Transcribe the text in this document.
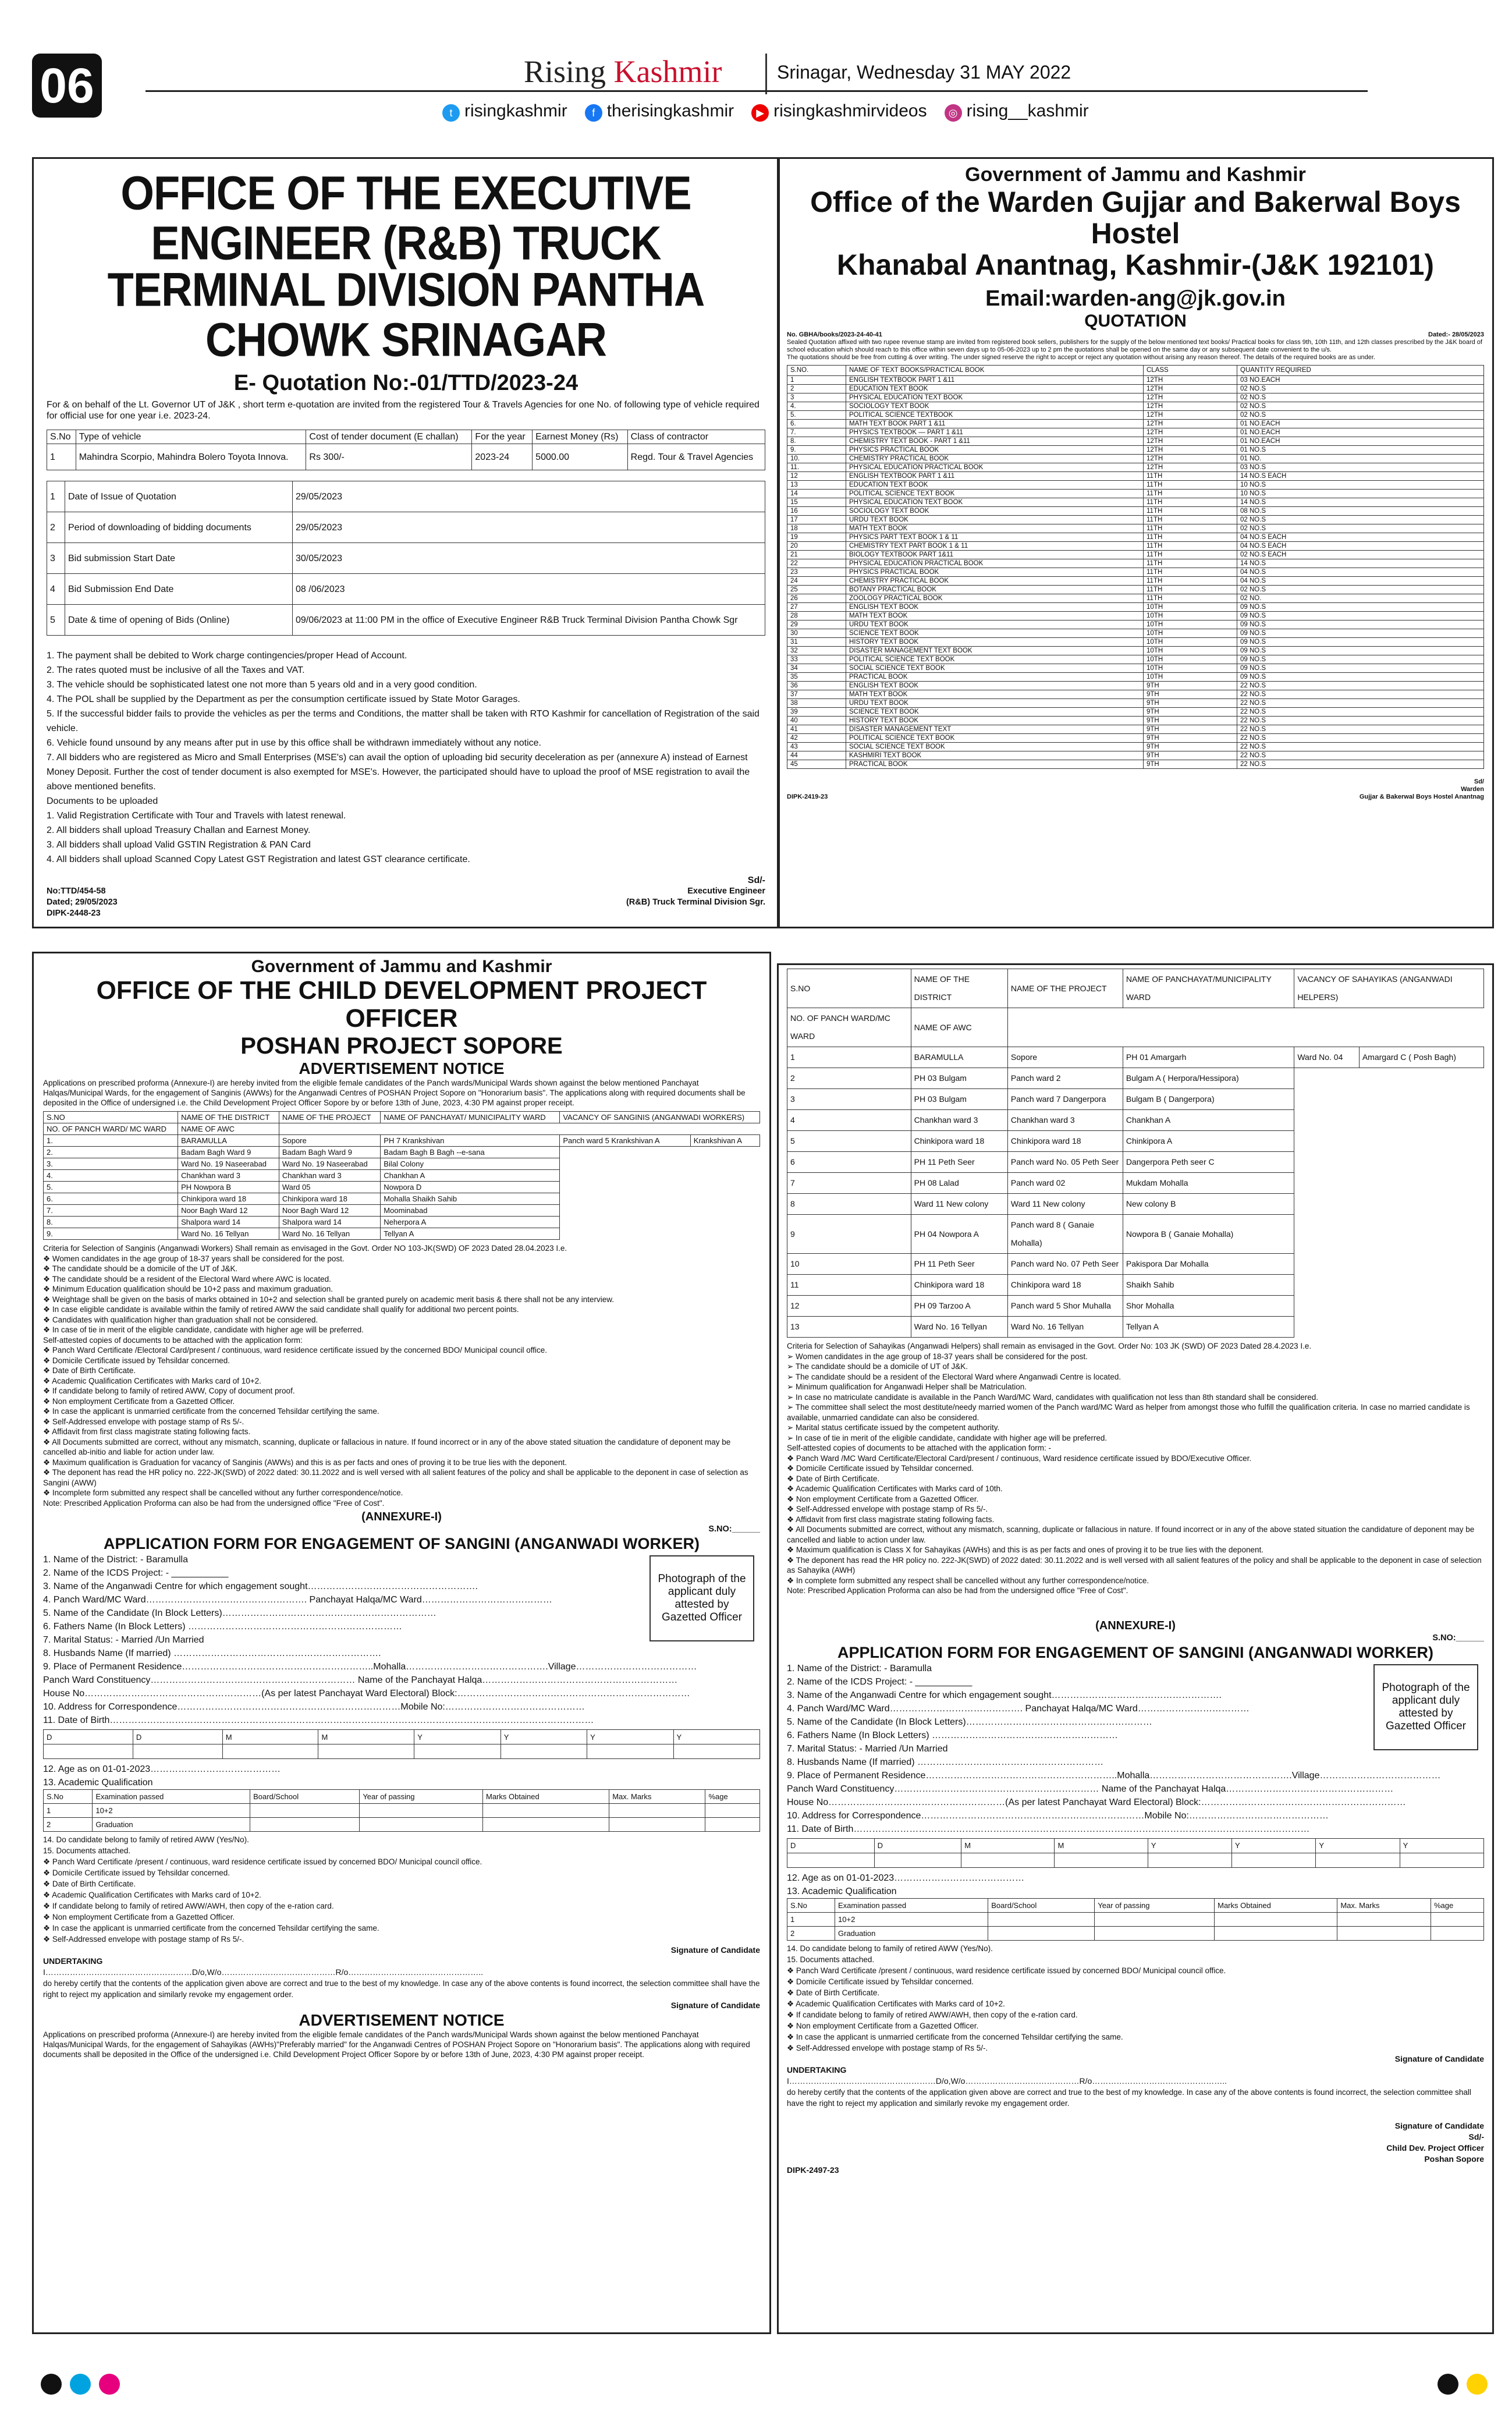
06	Rising Kashmir	Srinagar, Wednesday 31 MAY 2022
t risingkashmir	f therisingkashmir	▶ risingkashmirvideos	◎ rising__kashmir
OFFICE OF THE EXECUTIVE ENGINEER (R&B) TRUCK
TERMINAL DIVISION PANTHA CHOWK SRINAGAR
E- Quotation No:-01/TTD/2023-24
For & on behalf of the Lt. Governor UT of J&K , short term e-quotation are invited from the registered Tour & Travels Agencies for one No. of following type of vehicle required for official use for one year i.e. 2023-24.
S.No	Type of vehicle	Cost of tender document (E challan)	For the year	Earnest Money (Rs)	Class of contractor
1	Mahindra Scorpio, Mahindra Bolero Toyota Innova.	Rs 300/-	2023-24	5000.00	Regd. Tour & Travel Agencies
1	Date of Issue of Quotation	29/05/2023
2	Period of downloading of bidding documents	29/05/2023
3	Bid submission Start Date	30/05/2023
4	Bid Submission End Date	08 /06/2023
5	Date & time of opening of Bids (Online)	09/06/2023 at 11:00 PM in the office of Executive Engineer R&B Truck Terminal Division Pantha Chowk Sgr
1. The payment shall be debited to Work charge contingencies/proper Head of Account.
2. The rates quoted must be inclusive of all the Taxes and VAT.
3. The vehicle should be sophisticated latest one not more than 5 years old and in a very good condition.
4. The POL shall be supplied by the Department as per the consumption certificate issued by State Motor Garages.
5. If the successful bidder fails to provide the vehicles as per the terms and Conditions, the matter shall be taken with RTO Kashmir for cancellation of Registration of the said vehicle.
6. Vehicle found unsound by any means after put in use by this office shall be withdrawn immediately without any notice.
7. All bidders who are registered as Micro and Small Enterprises (MSE's) can avail the option of uploading bid security deceleration as per (annexure A) instead of Earnest Money Deposit. Further the cost of tender document is also exempted for MSE's. However, the participated should have to upload the proof of MSE registration to avail the above mentioned benefits.
Documents to be uploaded
1. Valid Registration Certificate with Tour and Travels with latest renewal.
2. All bidders shall upload Treasury Challan and Earnest Money.
3. All bidders shall upload Valid GSTIN Registration & PAN Card
4. All bidders shall upload Scanned Copy Latest GST Registration and latest GST clearance certificate.
Sd/-
No:TTD/454-58
Dated; 29/05/2023
DIPK-2448-23
Executive Engineer
(R&B) Truck Terminal Division Sgr.
Government of Jammu and Kashmir
Office of the Warden Gujjar and Bakerwal Boys Hostel
Khanabal Anantnag, Kashmir-(J&K 192101)
Email:warden-ang@jk.gov.in
QUOTATION
No. GBHA/books/2023-24-40-41	Dated:- 28/05/2023
Sealed Quotation affixed with two rupee revenue stamp are invited from registered book sellers, publishers for the supply of the below mentioned text books/ Practical books for class 9th, 10th 11th, and 12th classes prescribed by the J&K board of school education which should reach to this office within seven days up to 05-06-2023 up to 2 pm the quotations shall be opened on the same day or any subsequent date convenient to the u/s.
The quotations should be free from cutting & over writing. The under signed reserve the right to accept or reject any quotation without arising any reason thereof. The details of the required books are as under.
S.NO.	NAME OF TEXT BOOKS/PRACTICAL BOOK	CLASS	QUANTITY REQUIRED
1	ENGLISH TEXTBOOK PART 1 &11	12TH	03 NO.EACH
2	EDUCATION TEXT BOOK	12TH	02 NO.S
3	PHYSICAL EDUCATION TEXT BOOK	12TH	02 NO.S
4.	SOCIOLOGY TEXT BOOK	12TH	02 NO.S
5.	POLITICAL SCIENCE TEXTBOOK	12TH	02 NO.S
6.	MATH TEXT BOOK PART 1 &11	12TH	01 NO.EACH
7.	PHYSICS TEXTBOOK — PART 1 &11	12TH	01 NO.EACH
8.	CHEMISTRY TEXT BOOK - PART 1 &11	12TH	01 NO.EACH
9.	PHYSICS PRACTICAL BOOK	12TH	01 NO.S
10.	CHEMISTRY PRACTICAL BOOK	12TH	01 NO.
11.	PHYSICAL EDUCATION PRACTICAL BOOK	12TH	03 NO.S
12	ENGLISH TEXTBOOK PART 1 &11	11TH	14 NO.S EACH
13	EDUCATION TEXT BOOK	11TH	10 NO.S
14	POLITICAL SCIENCE TEXT BOOK	11TH	10 NO.S
15	PHYSICAL EDUCATION TEXT BOOK	11TH	14 NO.S
16	SOCIOLOGY TEXT BOOK	11TH	08 NO.S
17	URDU TEXT BOOK	11TH	02 NO.S
18	MATH TEXT BOOK	11TH	02 NO.S
19	PHYSICS PART TEXT BOOK 1 & 11	11TH	04 NO.S EACH
20	CHEMISTRY TEXT PART BOOK 1 & 11	11TH	04 NO.S EACH
21	BIOLOGY TEXTBOOK PART 1&11	11TH	02 NO.S EACH
22	PHYSICAL EDUCATION PRACTICAL BOOK	11TH	14 NO.S
23	PHYSICS PRACTICAL BOOK	11TH	04 NO.S
24	CHEMISTRY PRACTICAL BOOK	11TH	04 NO.S
25	BOTANY PRACTICAL BOOK	11TH	02 NO.S
26	ZOOLOGY PRACTICAL BOOK	11TH	02 NO.
27	ENGLISH TEXT BOOK	10TH	09 NO.S
28	MATH TEXT BOOK	10TH	09 NO.S
29	URDU TEXT BOOK	10TH	09 NO.S
30	SCIENCE TEXT BOOK	10TH	09 NO.S
31	HISTORY TEXT BOOK	10TH	09 NO.S
32	DISASTER MANAGEMENT TEXT BOOK	10TH	09 NO.S
33	POLITICAL SCIENCE TEXT BOOK	10TH	09 NO.S
34	SOCIAL SCIENCE TEXT BOOK	10TH	09 NO.S
35	PRACTICAL BOOK	10TH	09 NO.S
36	ENGLISH TEXT BOOK	9TH	22 NO.S
37	MATH TEXT BOOK	9TH	22 NO.S
38	URDU TEXT BOOK	9TH	22 NO.S
39	SCIENCE TEXT BOOK	9TH	22 NO.S
40	HISTORY TEXT BOOK	9TH	22 NO.S
41	DISASTER MANAGEMENT TEXT	9TH	22 NO.S
42	POLITICAL SCIENCE TEXT BOOK	9TH	22 NO.S
43	SOCIAL SCIENCE TEXT BOOK	9TH	22 NO.S
44	KASHMIRI TEXT BOOK	9TH	22 NO.S
45	PRACTICAL BOOK	9TH	22 NO.S
Sd/
Warden
DIPK-2419-23	Gujjar & Bakerwal Boys Hostel Anantnag
Government of Jammu and Kashmir
OFFICE OF THE CHILD DEVELOPMENT PROJECT OFFICER
POSHAN PROJECT SOPORE
ADVERTISEMENT NOTICE
Applications on prescribed proforma (Annexure-I) are hereby invited from the eligible female candidates of the Panch wards/Municipal Wards shown against the below mentioned Panchayat Halqas/Municipal Wards, for the engagement of Sanginis (AWWs) for the Anganwadi Centres of POSHAN Project Sopore on "Honorarium basis". The applications along with required documents shall be deposited in the Office of undersigned i.e. the Child Development Project Officer Sopore by or before 13th of June, 2023, 4:30 PM against proper receipt.
S.NO	NAME OF THE DISTRICT	NAME OF THE PROJECT	NAME OF PANCHAYAT/ MUNICIPALITY WARD	VACANCY OF SANGINIS (ANGANWADI WORKERS)	
NO. OF PANCH WARD/ MC WARD	NAME OF AWC				
1.	BARAMULLA	Sopore	PH 7 Krankshivan	Panch ward 5 Krankshivan A	Krankshivan A
2.	Badam Bagh Ward 9	Badam Bagh Ward 9	Badam Bagh B Bagh --e-sana		
3.	Ward No. 19 Naseerabad	Ward No. 19 Naseerabad	Bilal Colony		
4.	Chankhan ward 3	Chankhan ward 3	Chankhan A		
5.	PH Nowpora B	Ward 05	Nowpora D		
6.	Chinkipora ward 18	Chinkipora ward 18	Mohalla Shaikh Sahib		
7.	Noor Bagh Ward 12	Noor Bagh Ward 12	Moominabad		
8.	Shalpora ward 14	Shalpora ward 14	Neherpora A		
9.	Ward No. 16 Tellyan	Ward No. 16 Tellyan	Tellyan A		
Criteria for Selection of Sanginis (Anganwadi Workers) Shall remain as envisaged in the Govt. Order NO 103-JK(SWD) OF 2023 Dated 28.04.2023 I.e.
❖ Women candidates in the age group of 18-37 years shall be considered for the post.
❖ The candidate should be a domicile of the UT of J&K.
❖ The candidate should be a resident of the Electoral Ward where AWC is located.
❖ Minimum Education qualification should be 10+2 pass and maximum graduation.
❖ Weightage shall be given on the basis of marks obtained in 10+2 and selection shall be granted purely on academic merit basis & there shall not be any interview.
❖ In case eligible candidate is available within the family of retired AWW the said candidate shall qualify for additional two percent points.
❖ Candidates with qualification higher than graduation shall not be considered.
❖ In case of tie in merit of the eligible candidate, candidate with higher age will be preferred.
Self-attested copies of documents to be attached with the application form:
❖ Panch Ward Certificate /Electoral Card/present / continuous, ward residence certificate issued by the concerned BDO/ Municipal council office.
❖ Domicile Certificate issued by Tehsildar concerned.
❖ Date of Birth Certificate.
❖ Academic Qualification Certificates with Marks card of 10+2.
❖ If candidate belong to family of retired AWW, Copy of document proof.
❖ Non employment Certificate from a Gazetted Officer.
❖ In case the applicant is unmarried certificate from the concerned Tehsildar certifying the same.
❖ Self-Addressed envelope with postage stamp of Rs 5/-.
❖ Affidavit from first class magistrate stating following facts.
❖ All Documents submitted are correct, without any mismatch, scanning, duplicate or fallacious in nature. If found incorrect or in any of the above stated situation the candidature of deponent may be cancelled ab-initio and liable for action under law.
❖ Maximum qualification is Graduation for vacancy of Sanginis (AWWs) and this is as per facts and ones of proving it to be true lies with the deponent.
❖ The deponent has read the HR policy no. 222-JK(SWD) of 2022 dated: 30.11.2022 and is well versed with all salient features of the policy and shall be applicable to the deponent in case of selection as Sangini (AWW)
❖ Incomplete form submitted any respect shall be cancelled without any further correspondence/notice.
Note: Prescribed Application Proforma can also be had from the undersigned office "Free of Cost".
(ANNEXURE-I)
S.NO:______
APPLICATION FORM FOR ENGAGEMENT OF SANGINI (ANGANWADI WORKER)
Photograph of the applicant duly attested by Gazetted Officer
1. Name of the District: - Baramulla
2. Name of the ICDS Project: - ___________
3. Name of the Anganwadi Centre for which engagement sought……………………………………………….
4. Panch Ward/MC Ward……………………………………………. Panchayat Halqa/MC Ward……………………………………
5. Name of the Candidate (In Block Letters)……………………………………………………………
6. Fathers Name (In Block Letters) ……………………………………………………………
7. Marital Status: - Married /Un Married
8. Husbands Name (If married) ………………………………………………………….
9. Place of Permanent Residence……………………………………………………..Mohalla……………………………………….Village…………………………………
Panch Ward Constituency………………………………………………………… Name of the Panchayat Halqa………………………………………………………
House No…………………………………………………(As per latest Panchayat Ward Electoral) Block:…………………………………………………………………
10. Address for Correspondence………………………………………………………………Mobile No:………………………………………
11. Date of Birth…………………………………………………………………………………………………………………………………………
D	D	M	M	Y	Y	Y	Y

12. Age as on 01-01-2023……………………………………
13. Academic Qualification
S.No	Examination passed	Board/School	Year of passing	Marks Obtained	Max. Marks	%age
1	10+2					
2	Graduation					
14. Do candidate belong to family of retired AWW (Yes/No).
15. Documents attached.
❖ Panch Ward Certificate /present / continuous, ward residence certificate issued by concerned BDO/ Municipal council office.
❖ Domicile Certificate issued by Tehsildar concerned.
❖ Date of Birth Certificate.
❖ Academic Qualification Certificates with Marks card of 10+2.
❖ If candidate belong to family of retired AWW/AWH, then copy of the e-ration card.
❖ Non employment Certificate from a Gazetted Officer.
❖ In case the applicant is unmarried certificate from the concerned Tehsildar certifying the same.
❖ Self-Addressed envelope with postage stamp of Rs 5/-.
Signature of Candidate
UNDERTAKING
I………………………………………………D/o,W/o……………………………………R/o…………………………………………..
do hereby certify that the contents of the application given above are correct and true to the best of my knowledge. In case any of the above contents is found incorrect, the selection committee shall have the right to reject my application and similarly revoke my engagement order.
Signature of Candidate
ADVERTISEMENT NOTICE
Applications on prescribed proforma (Annexure-I) are hereby invited from the eligible female candidates of the Panch wards/Municipal Wards shown against the below mentioned Panchayat Halqas/Municipal Wards, for the engagement of Sahayikas (AWHs)"Preferably married" for the Anganwadi Centres of POSHAN Project Sopore on "Honorarium basis". The applications along with required documents shall be deposited in the Office of the undersigned i.e. Child Development Project Officer Sopore by or before 13th of June, 2023, 4:30 PM against proper receipt.
S.NO	NAME OF THE DISTRICT	NAME OF THE PROJECT	NAME OF PANCHAYAT/MUNICIPALITY WARD	VACANCY OF SAHAYIKAS (ANGANWADI HELPERS)	
NO. OF PANCH WARD/MC WARD	NAME OF AWC				
1	BARAMULLA	Sopore	PH 01 Amargarh	Ward No. 04	Amargard C ( Posh Bagh)
2	PH 03 Bulgam	Panch ward 2	Bulgam A ( Herpora/Hessipora)		
3	PH 03 Bulgam	Panch ward 7 Dangerpora	Bulgam B ( Dangerpora)		
4	Chankhan ward 3	Chankhan ward 3	Chankhan A		
5	Chinkipora ward 18	Chinkipora ward 18	Chinkipora A		
6	PH 11 Peth Seer	Panch ward No. 05 Peth Seer	Dangerpora Peth seer C		
7	PH 08 Lalad	Panch ward 02	Mukdam Mohalla		
8	Ward 11 New colony	Ward 11 New colony	New colony B		
9	PH 04 Nowpora A	Panch ward 8 ( Ganaie Mohalla)	Nowpora B ( Ganaie Mohalla)		
10	PH 11 Peth Seer	Panch ward No. 07 Peth Seer	Pakispora Dar Mohalla		
11	Chinkipora ward 18	Chinkipora ward 18	Shaikh Sahib		
12	PH 09 Tarzoo A	Panch ward 5 Shor Muhalla	Shor Mohalla		
13	Ward No. 16 Tellyan	Ward No. 16 Tellyan	Tellyan A		
Criteria for Selection of Sahayikas (Anganwadi Helpers) shall remain as envisaged in the Govt. Order No: 103 JK (SWD) OF 2023 Dated 28.4.2023 I.e.
➢ Women candidates in the age group of 18-37 years shall be considered for the post.
➢ The candidate should be a domicile of UT of J&K.
➢ The candidate should be a resident of the Electoral Ward where Anganwadi Centre is located.
➢ Minimum qualification for Anganwadi Helper shall be Matriculation.
➢ In case no matriculate candidate is available in the Panch Ward/MC Ward, candidates with qualification not less than 8th standard shall be considered.
➢ The committee shall select the most destitute/needy married women of the Panch ward/MC Ward as helper from amongst those who fulfill the qualification criteria. In case no married candidate is available, unmarried candidate can also be considered.
➢ Marital status certificate issued by the competent authority.
➢ In case of tie in merit of the eligible candidate, candidate with higher age will be preferred.
Self-attested copies of documents to be attached with the application form: -
❖ Panch Ward /MC Ward Certificate/Electoral Card/present / continuous, Ward residence certificate issued by BDO/Executive Officer.
❖ Domicile Certificate issued by Tehsildar concerned.
❖ Date of Birth Certificate.
❖ Academic Qualification Certificates with Marks card of 10th.
❖ Non employment Certificate from a Gazetted Officer.
❖ Self-Addressed envelope with postage stamp of Rs 5/-.
❖ Affidavit from first class magistrate stating following facts.
❖ All Documents submitted are correct, without any mismatch, scanning, duplicate or fallacious in nature. If found incorrect or in any of the above stated situation the candidature of deponent may be cancelled and liable to action under law.
❖ Maximum qualification is Class X for Sahayikas (AWHs) and this is as per facts and ones of proving it to be true lies with the deponent.
❖ The deponent has read the HR policy no. 222-JK(SWD) of 2022 dated: 30.11.2022 and is well versed with all salient features of the policy and shall be applicable to the deponent in case of selection as Sahayika (AWH)
❖ In complete form submitted any respect shall be cancelled without any further correspondence/notice.
Note: Prescribed Application Proforma can also be had from the undersigned office "Free of Cost".
(ANNEXURE-I)
S.NO:______
APPLICATION FORM FOR ENGAGEMENT OF SANGINI (ANGANWADI WORKER)
Photograph of the applicant duly attested by Gazetted Officer
1. Name of the District: - Baramulla
2. Name of the ICDS Project: - ___________
3. Name of the Anganwadi Centre for which engagement sought……………………………………………….
4. Panch Ward/MC Ward……………………………………. Panchayat Halqa/MC Ward………………………………
5. Name of the Candidate (In Block Letters)……………………………………………………
6. Fathers Name (In Block Letters) ……………………………………………………
7. Marital Status: - Married /Un Married
8. Husbands Name (If married) ……………………………………………………
9. Place of Permanent Residence……………………………………………………..Mohalla……………………………………….Village…………………………………
Panch Ward Constituency………………………………………………………… Name of the Panchayat Halqa………………………………………………
House No…………………………………………………(As per latest Panchayat Ward Electoral) Block:…………………………………………………………
10. Address for Correspondence………………………………………………………………Mobile No:………………………………………
11. Date of Birth…………………………………………………………………………………………………………………………………
D	D	M	M	Y	Y	Y	Y

12. Age as on 01-01-2023……………………………………
13. Academic Qualification
S.No	Examination passed	Board/School	Year of passing	Marks Obtained	Max. Marks	%age
1	10+2					
2	Graduation					
14. Do candidate belong to family of retired AWW (Yes/No).
15. Documents attached.
❖ Panch Ward Certificate /present / continuous, ward residence certificate issued by concerned BDO/ Municipal council office.
❖ Domicile Certificate issued by Tehsildar concerned.
❖ Date of Birth Certificate.
❖ Academic Qualification Certificates with Marks card of 10+2.
❖ If candidate belong to family of retired AWW/AWH, then copy of the e-ration card.
❖ Non employment Certificate from a Gazetted Officer.
❖ In case the applicant is unmarried certificate from the concerned Tehsildar certifying the same.
❖ Self-Addressed envelope with postage stamp of Rs 5/-.
Signature of Candidate
UNDERTAKING
I………………………………………………D/o,W/o……………………………………R/o…………………………………………..
do hereby certify that the contents of the application given above are correct and true to the best of my knowledge. In case any of the above contents is found incorrect, the selection committee shall have the right to reject my application and similarly revoke my engagement order.
Signature of Candidate
Sd/-
Child Dev. Project Officer
Poshan Sopore
DIPK-2497-23
